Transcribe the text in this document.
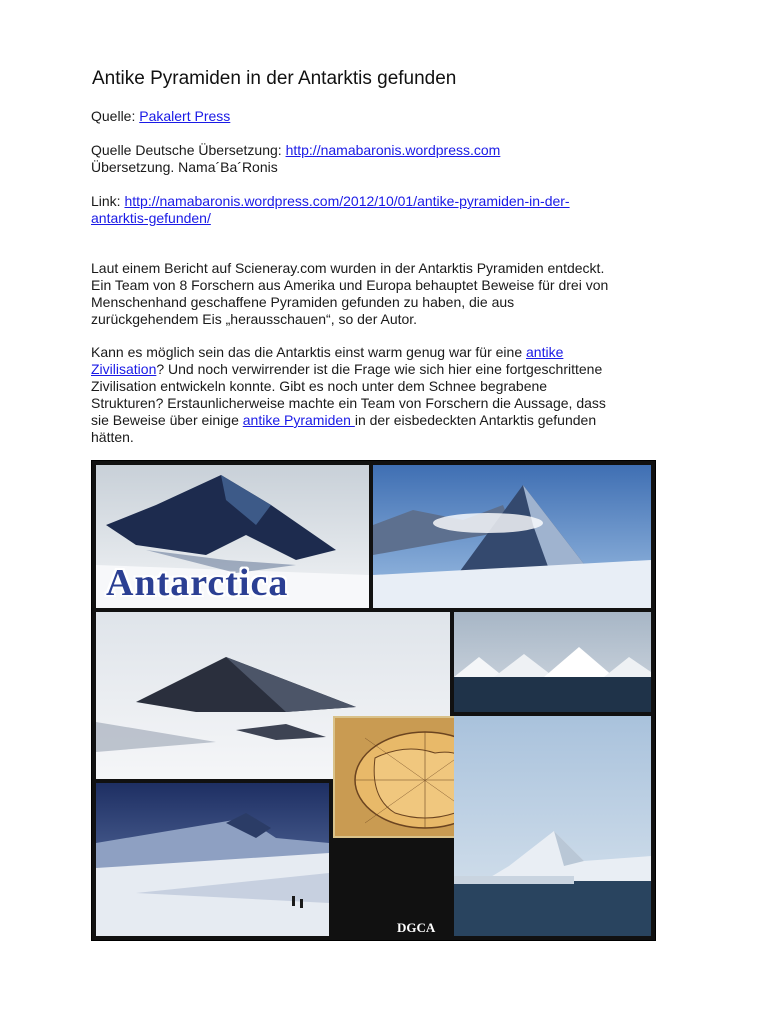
Antike Pyramiden in der Antarktis gefunden
Quelle: Pakalert Press
Quelle Deutsche Übersetzung: http://namabaronis.wordpress.com
Übersetzung. Nama´Ba´Ronis
Link: http://namabaronis.wordpress.com/2012/10/01/antike-pyramiden-in-der-
antarktis-gefunden/
Laut einem Bericht auf Scieneray.com wurden in der Antarktis Pyramiden entdeckt.
Ein Team von 8 Forschern aus Amerika und Europa behauptet Beweise für drei von
Menschenhand geschaffene Pyramiden gefunden zu haben, die aus
zurückgehendem Eis „herausschauen“, so der Autor.
Kann es möglich sein das die Antarktis einst warm genug war für eine antike
Zivilisation? Und noch verwirrender ist die Frage wie sich hier eine fortgeschrittene
Zivilisation entwickeln konnte. Gibt es noch unter dem Schnee begrabene
Strukturen? Erstaunlicherweise machte ein Team von Forschern die Aussage, dass
sie Beweise über einige antike Pyramiden in der eisbedeckten Antarktis gefunden
hätten.
Antarctica
DGCA
